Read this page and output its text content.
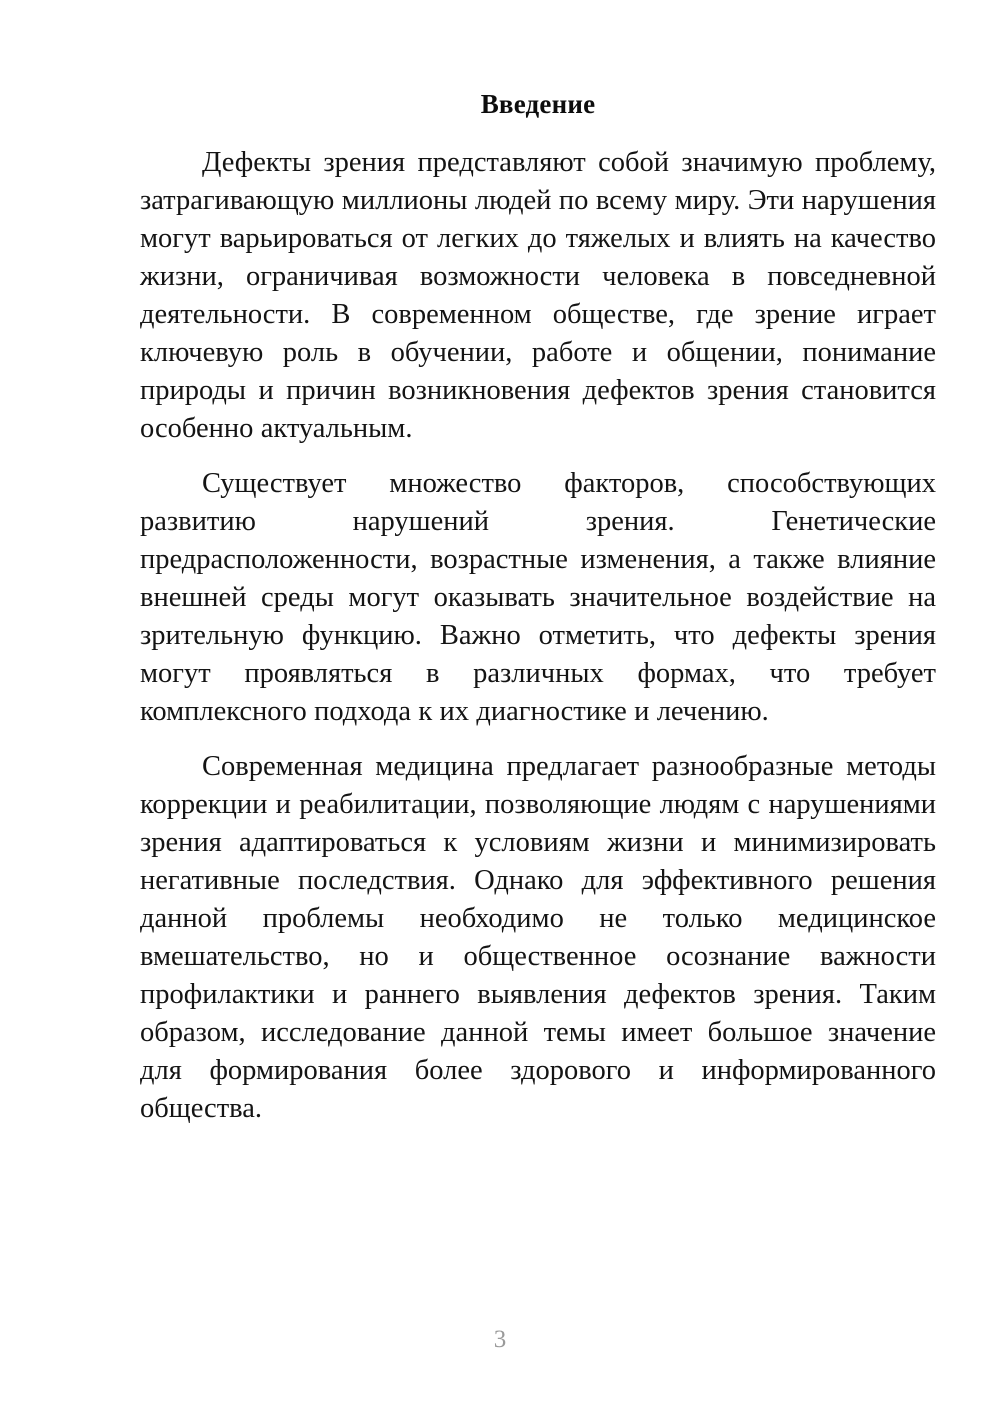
Введение

Дефекты зрения представляют собой значимую проблему, затрагивающую миллионы людей по всему миру. Эти нарушения могут варьироваться от легких до тяжелых и влиять на качество жизни, ограничивая возможности человека в повседневной деятельности. В современном обществе, где зрение играет ключевую роль в обучении, работе и общении, понимание природы и причин возникновения дефектов зрения становится особенно актуальным.

Существует множество факторов, способствующих развитию нарушений зрения. Генетические предрасположенности, возрастные изменения, а также влияние внешней среды могут оказывать значительное воздействие на зрительную функцию. Важно отметить, что дефекты зрения могут проявляться в различных формах, что требует комплексного подхода к их диагностике и лечению.

Современная медицина предлагает разнообразные методы коррекции и реабилитации, позволяющие людям с нарушениями зрения адаптироваться к условиям жизни и минимизировать негативные последствия. Однако для эффективного решения данной проблемы необходимо не только медицинское вмешательство, но и общественное осознание важности профилактики и раннего выявления дефектов зрения. Таким образом, исследование данной темы имеет большое значение для формирования более здорового и информированного общества.

3
